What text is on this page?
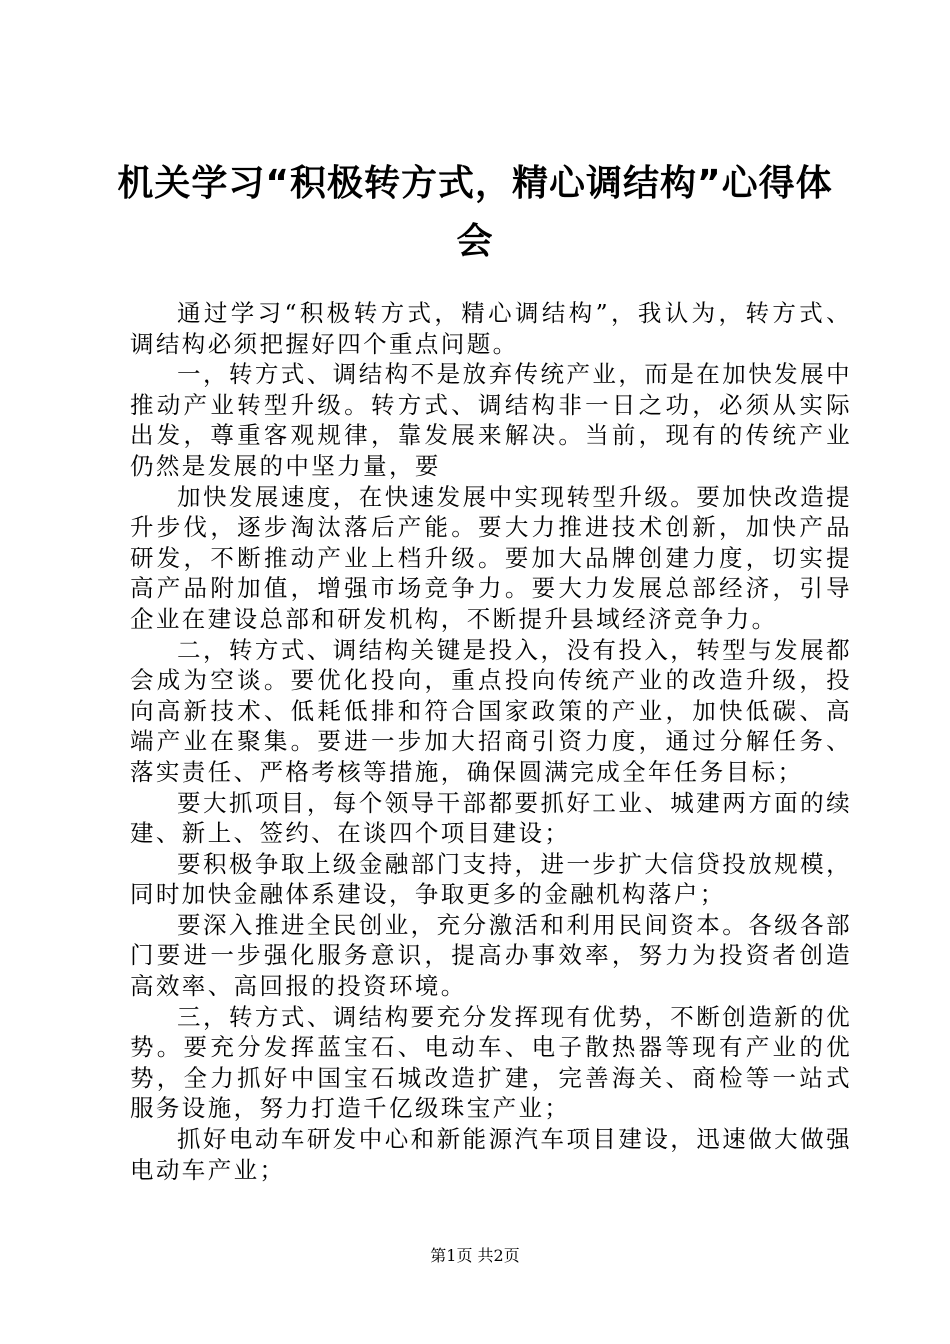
机关学习“积极转方式，精心调结构”心得体会

通过学习“积极转方式，精心调结构”，我认为，转方式、调结构必须把握好四个重点问题。

一，转方式、调结构不是放弃传统产业，而是在加快发展中推动产业转型升级。转方式、调结构非一日之功，必须从实际出发，尊重客观规律，靠发展来解决。当前，现有的传统产业仍然是发展的中坚力量，要

加快发展速度，在快速发展中实现转型升级。要加快改造提升步伐，逐步淘汰落后产能。要大力推进技术创新，加快产品研发，不断推动产业上档升级。要加大品牌创建力度，切实提高产品附加值，增强市场竞争力。要大力发展总部经济，引导企业在建设总部和研发机构，不断提升县域经济竞争力。

二，转方式、调结构关键是投入，没有投入，转型与发展都会成为空谈。要优化投向，重点投向传统产业的改造升级，投向高新技术、低耗低排和符合国家政策的产业，加快低碳、高端产业在聚集。要进一步加大招商引资力度，通过分解任务、落实责任、严格考核等措施，确保圆满完成全年任务目标；

要大抓项目，每个领导干部都要抓好工业、城建两方面的续建、新上、签约、在谈四个项目建设；

要积极争取上级金融部门支持，进一步扩大信贷投放规模，同时加快金融体系建设，争取更多的金融机构落户；

要深入推进全民创业，充分激活和利用民间资本。各级各部门要进一步强化服务意识，提高办事效率，努力为投资者创造高效率、高回报的投资环境。

三，转方式、调结构要充分发挥现有优势，不断创造新的优势。要充分发挥蓝宝石、电动车、电子散热器等现有产业的优势，全力抓好中国宝石城改造扩建，完善海关、商检等一站式服务设施，努力打造千亿级珠宝产业；

抓好电动车研发中心和新能源汽车项目建设，迅速做大做强电动车产业；

第1页 共2页
